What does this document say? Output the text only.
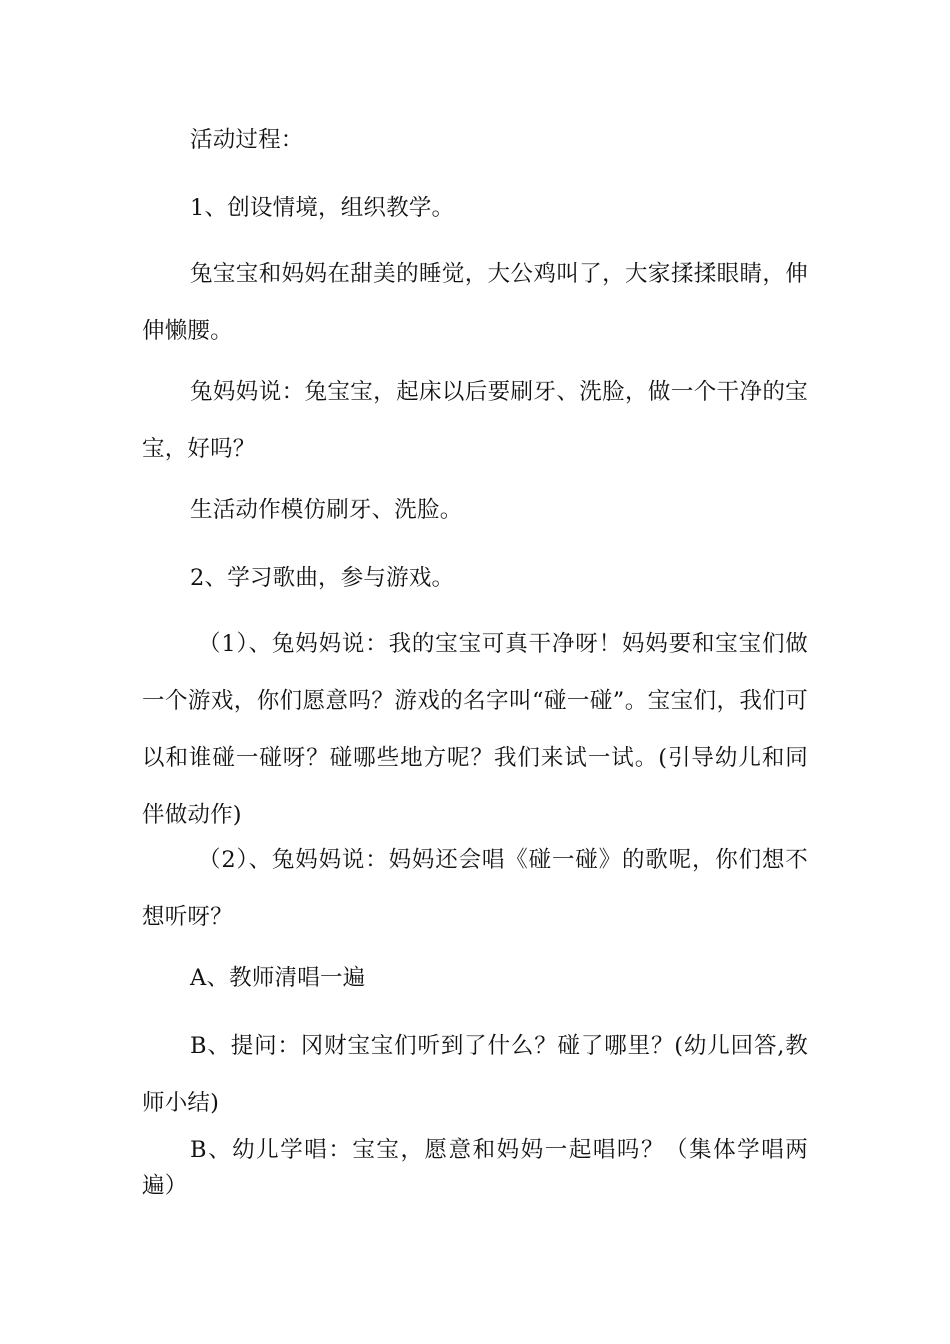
活动过程：

1、创设情境，组织教学。

兔宝宝和妈妈在甜美的睡觉，大公鸡叫了，大家揉揉眼睛，伸伸懒腰。

兔妈妈说：兔宝宝，起床以后要刷牙、洗脸，做一个干净的宝宝，好吗？

生活动作模仿刷牙、洗脸。

2、学习歌曲，参与游戏。

（1）、兔妈妈说：我的宝宝可真干净呀！妈妈要和宝宝们做一个游戏，你们愿意吗？游戏的名字叫“碰一碰”。宝宝们，我们可以和谁碰一碰呀？碰哪些地方呢？我们来试一试。(引导幼儿和同伴做动作)

（2）、兔妈妈说：妈妈还会唱《碰一碰》的歌呢，你们想不想听呀？

A、教师清唱一遍

B、提问：冈财宝宝们听到了什么？碰了哪里？(幼儿回答,教师小结)

B、幼儿学唱：宝宝，愿意和妈妈一起唱吗？（集体学唱两遍）
